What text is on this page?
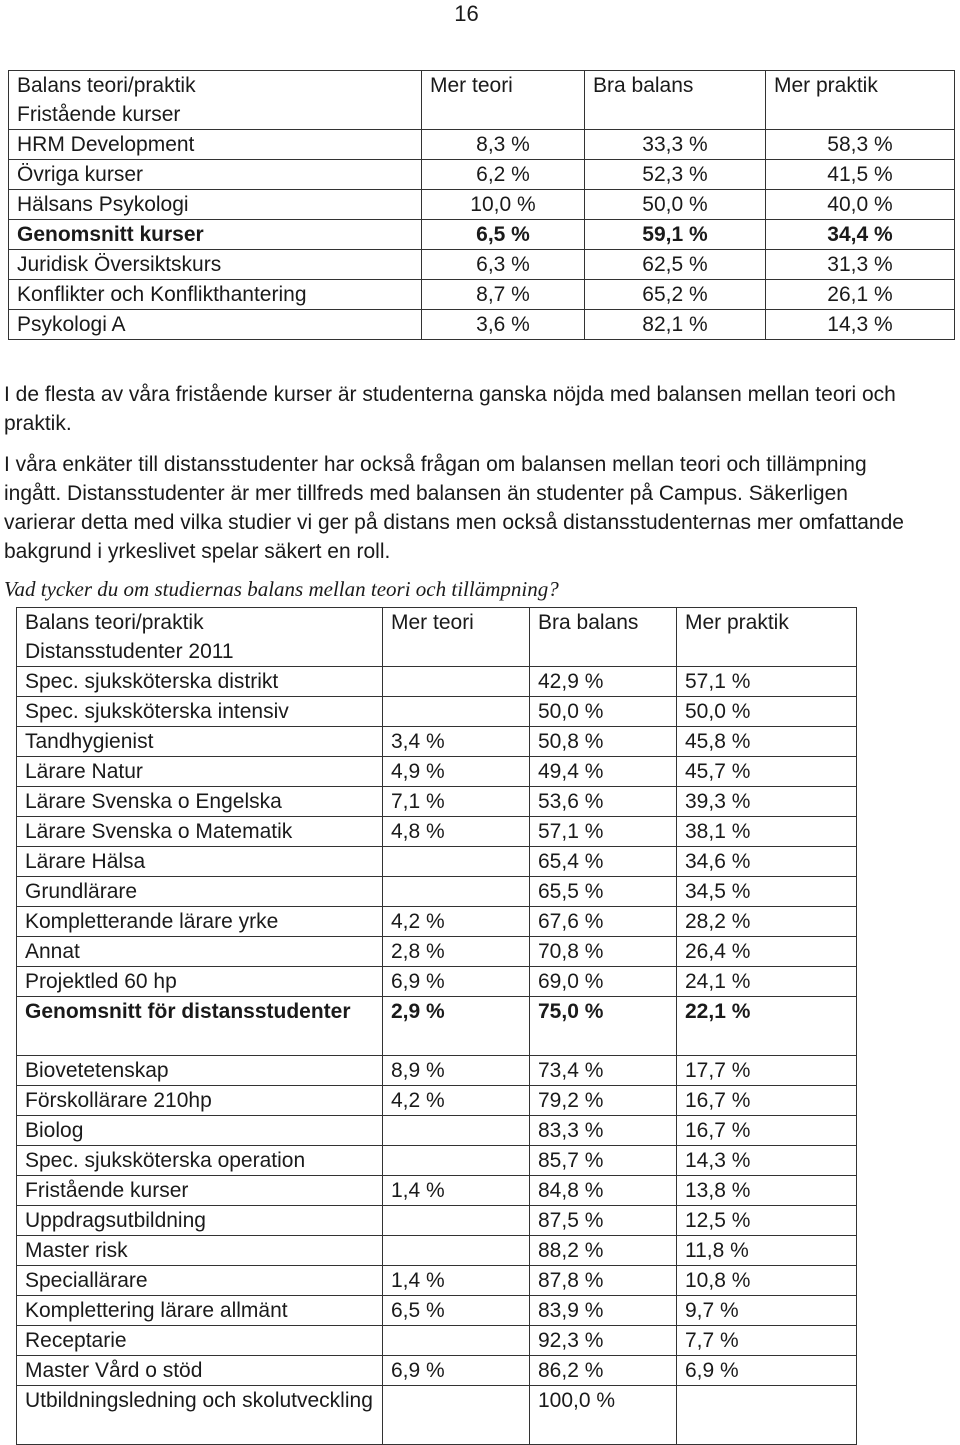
16
Balans teori/praktik
Fristående kurser	Mer teori	Bra balans	Mer praktik
HRM Development	8,3 %	33,3 %	58,3 %
Övriga kurser	6,2 %	52,3 %	41,5 %
Hälsans Psykologi	10,0 %	50,0 %	40,0 %
Genomsnitt kurser	6,5 %	59,1 %	34,4 %
Juridisk Översiktskurs	6,3 %	62,5 %	31,3 %
Konflikter och Konflikthantering	8,7 %	65,2 %	26,1 %
Psykologi A	3,6 %	82,1 %	14,3 %

I de flesta av våra fristående kurser är studenterna ganska nöjda med balansen mellan teori och praktik.

I våra enkäter till distansstudenter har också frågan om balansen mellan teori och tillämpning ingått. Distansstudenter är mer tillfreds med balansen än studenter på Campus. Säkerligen varierar detta med vilka studier vi ger på distans men också distansstudenternas mer omfattande bakgrund i yrkeslivet spelar säkert en roll.

Vad tycker du om studiernas balans mellan teori och tillämpning?

Balans teori/praktik
Distansstudenter 2011	Mer teori	Bra balans	Mer praktik
Spec. sjuksköterska distrikt		42,9 %	57,1 %
Spec. sjuksköterska intensiv		50,0 %	50,0 %
Tandhygienist	3,4 %	50,8 %	45,8 %
Lärare Natur	4,9 %	49,4 %	45,7 %
Lärare Svenska o Engelska	7,1 %	53,6 %	39,3 %
Lärare Svenska o Matematik	4,8 %	57,1 %	38,1 %
Lärare Hälsa		65,4 %	34,6 %
Grundlärare		65,5 %	34,5 %
Kompletterande lärare yrke	4,2 %	67,6 %	28,2 %
Annat	2,8 %	70,8 %	26,4 %
Projektled 60 hp	6,9 %	69,0 %	24,1 %
Genomsnitt för distansstudenter	2,9 %	75,0 %	22,1 %
Biovetetenskap	8,9 %	73,4 %	17,7 %
Förskollärare 210hp	4,2 %	79,2 %	16,7 %
Biolog		83,3 %	16,7 %
Spec. sjuksköterska operation		85,7 %	14,3 %
Fristående kurser	1,4 %	84,8 %	13,8 %
Uppdragsutbildning		87,5 %	12,5 %
Master risk		88,2 %	11,8 %
Speciallärare	1,4 %	87,8 %	10,8 %
Komplettering lärare allmänt	6,5 %	83,9 %	9,7 %
Receptarie		92,3 %	7,7 %
Master Vård o stöd	6,9 %	86,2 %	6,9 %
Utbildningsledning och skolutveckling		100,0 %	
